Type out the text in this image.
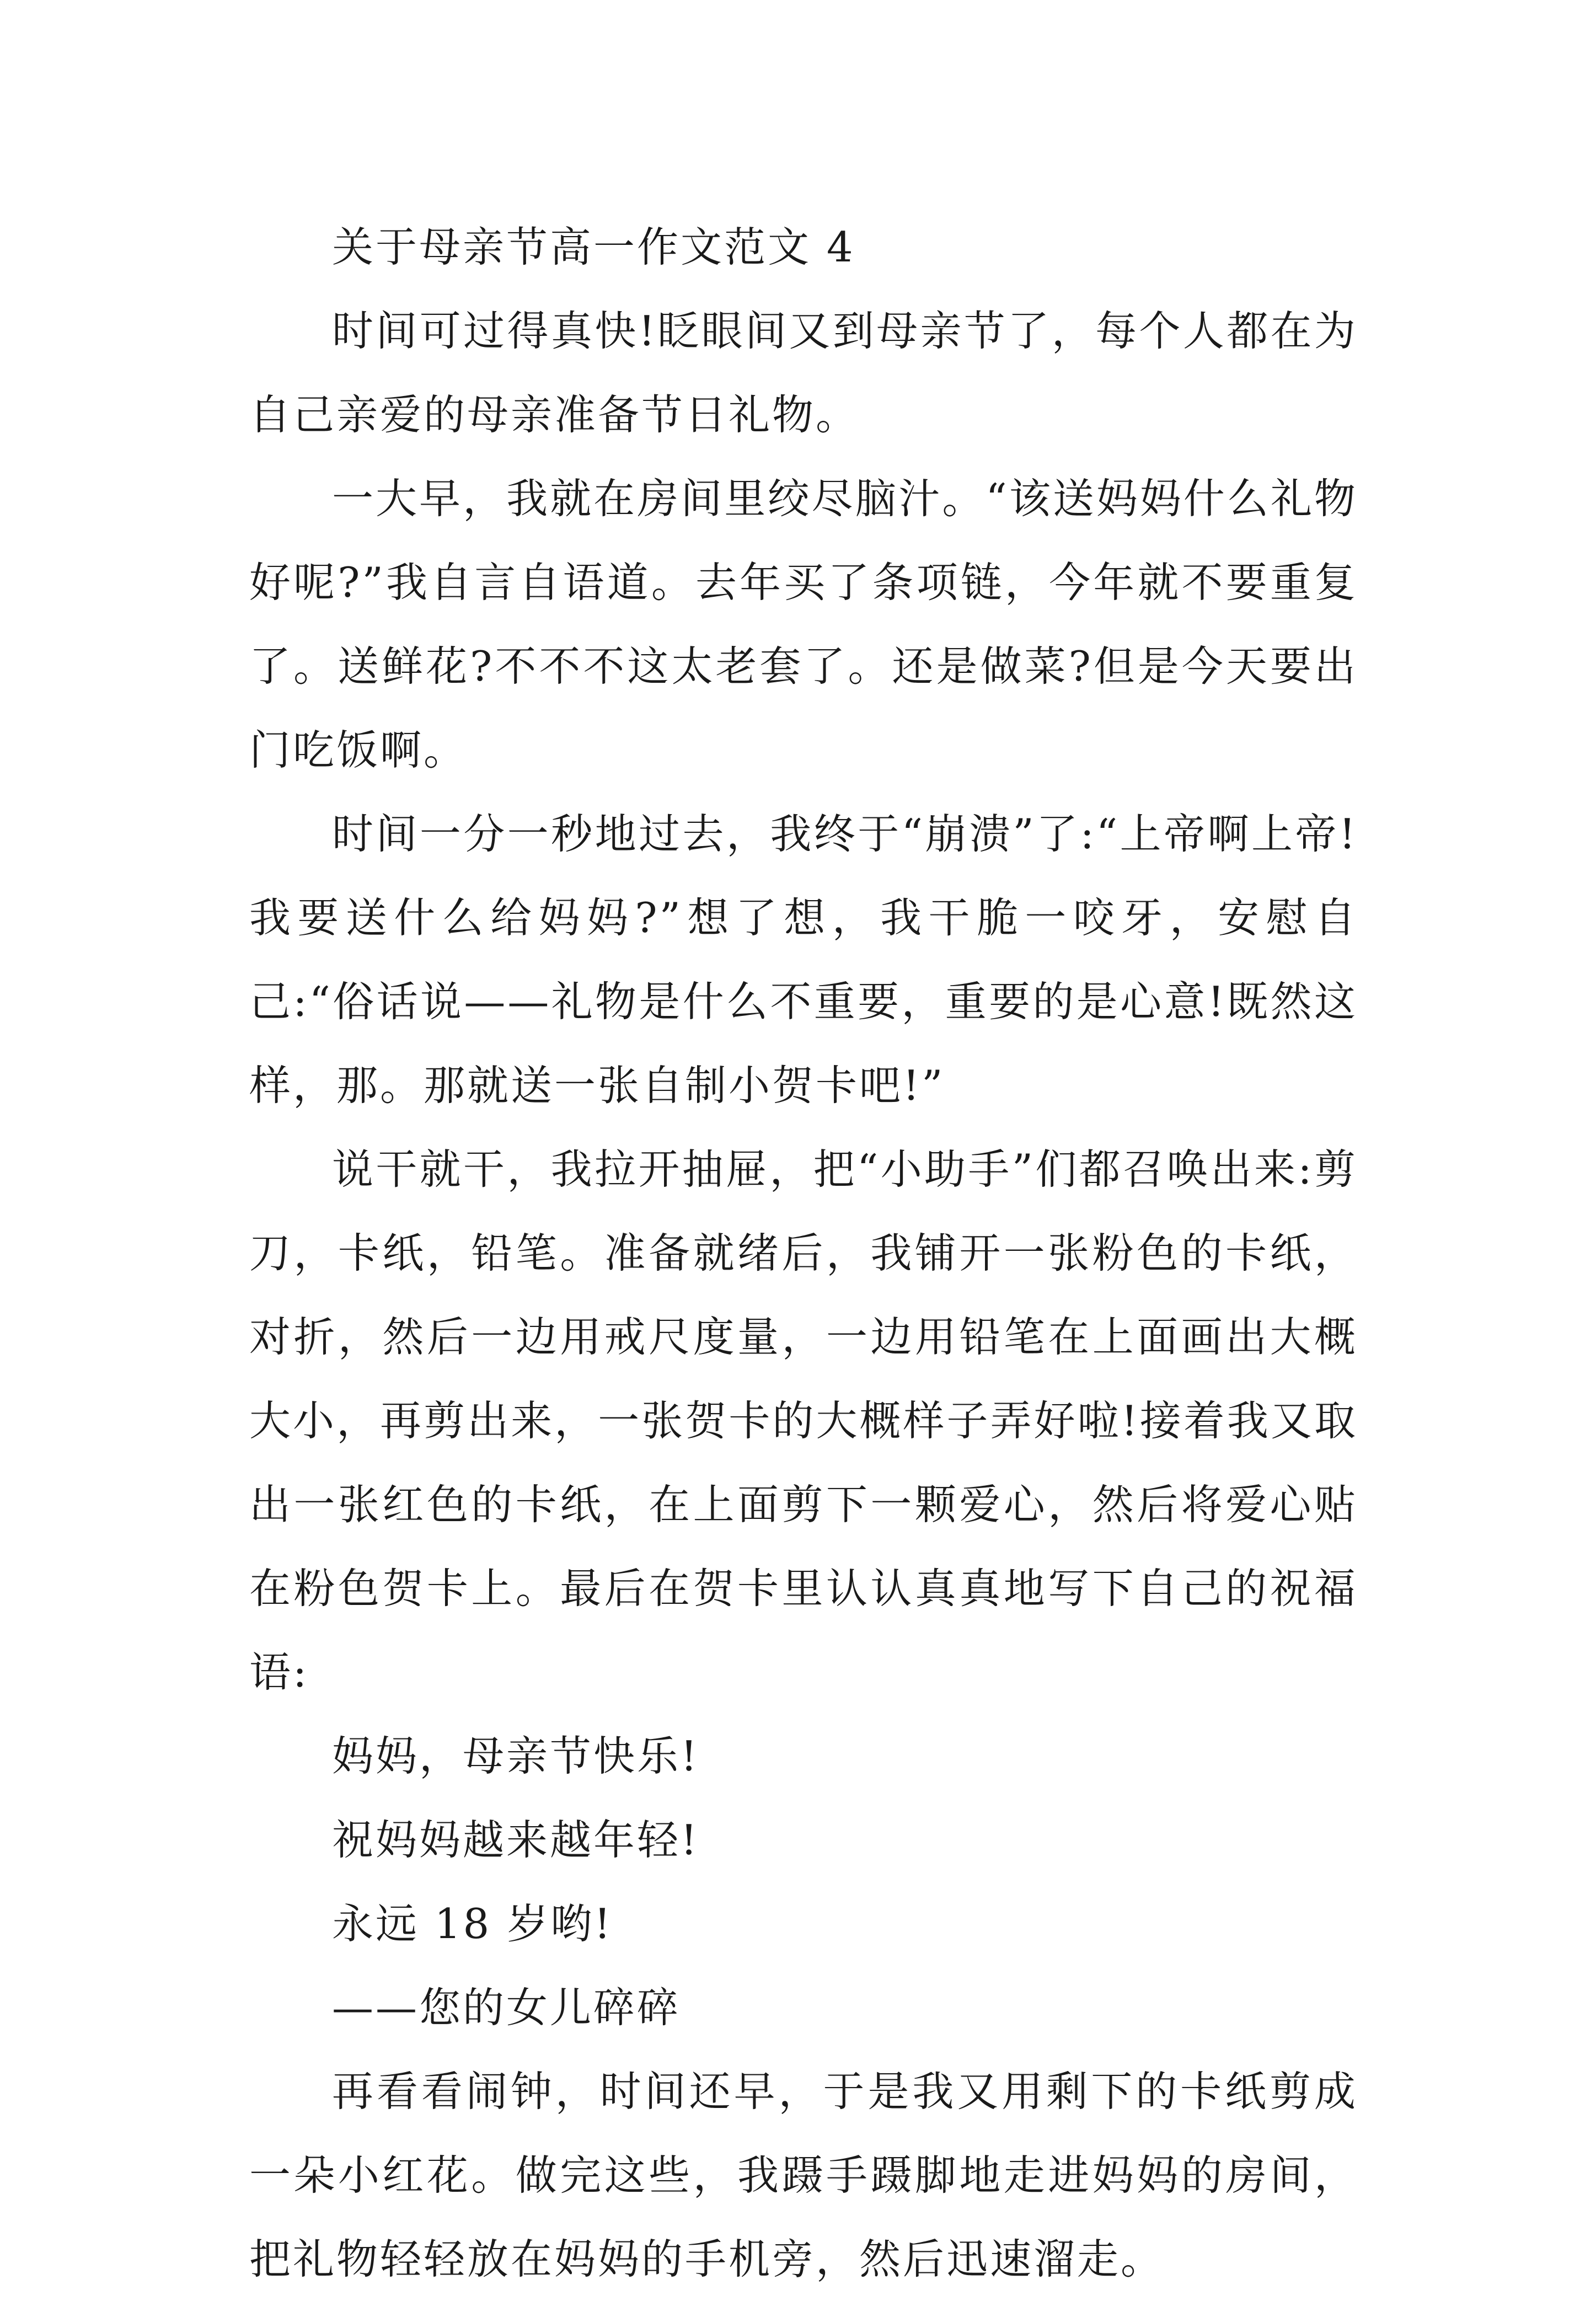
关于母亲节高一作文范文 4

时间可过得真快!眨眼间又到母亲节了，每个人都在为自己亲爱的母亲准备节日礼物。

一大早，我就在房间里绞尽脑汁。“该送妈妈什么礼物好呢?”我自言自语道。去年买了条项链，今年就不要重复了。送鲜花?不不不这太老套了。还是做菜?但是今天要出门吃饭啊。

时间一分一秒地过去，我终于“崩溃”了:“上帝啊上帝!我要送什么给妈妈?”想了想，我干脆一咬牙，安慰自己:“俗话说——礼物是什么不重要，重要的是心意!既然这样，那。那就送一张自制小贺卡吧!”

说干就干，我拉开抽屉，把“小助手”们都召唤出来:剪刀，卡纸，铅笔。准备就绪后，我铺开一张粉色的卡纸，对折，然后一边用戒尺度量，一边用铅笔在上面画出大概大小，再剪出来，一张贺卡的大概样子弄好啦!接着我又取出一张红色的卡纸，在上面剪下一颗爱心，然后将爱心贴在粉色贺卡上。最后在贺卡里认认真真地写下自己的祝福语:

妈妈，母亲节快乐!

祝妈妈越来越年轻!

永远 18 岁哟!

——您的女儿碎碎

再看看闹钟，时间还早，于是我又用剩下的卡纸剪成一朵小红花。做完这些，我蹑手蹑脚地走进妈妈的房间，把礼物轻轻放在妈妈的手机旁，然后迅速溜走。
